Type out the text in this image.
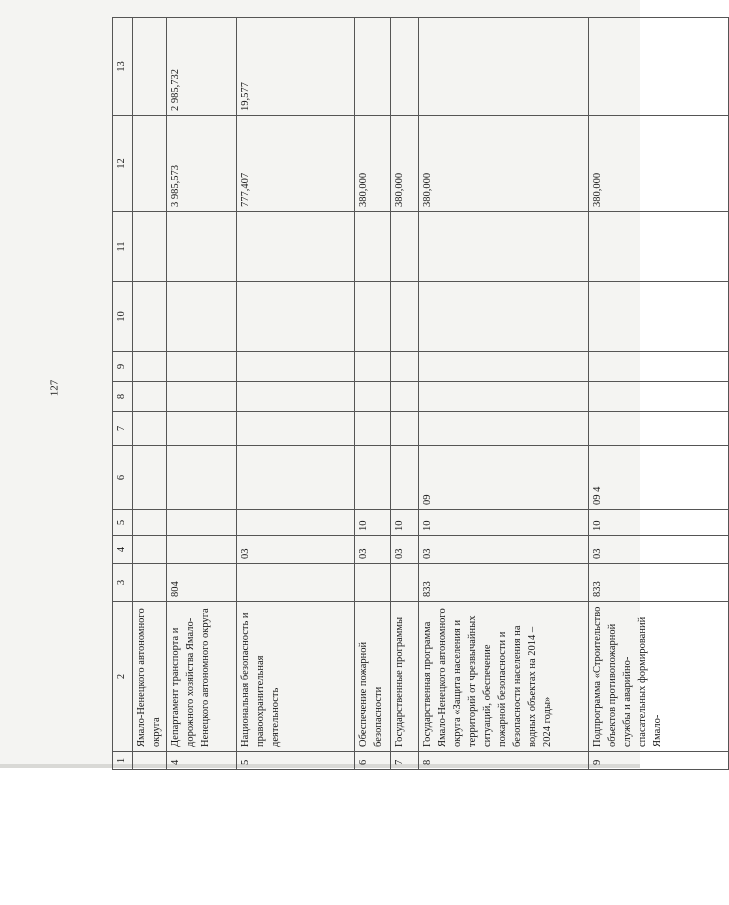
127
1	2	3	4	5	6	7	8	9	10	11	12	13
	Ямало-Ненецкого автономного округа											
4	Департамент транспорта и дорожного хозяйства Ямало-Ненецкого автономного округа	804									3 985,573	2 985,732
5	Национальная безопасность и правоохранительная деятельность		03								777,407	19,577
6	Обеспечение пожарной безопасности		03	10							380,000	
7	Государственные программы		03	10							380,000	
8	Государственная программа Ямало-Ненецкого автономного округа «Защита населения и территорий от чрезвычайных ситуаций, обеспечение пожарной безопасности и безопасности населения на водных объектах на 2014 – 2024 годы»	833	03	10	09						380,000	
9	Подпрограмма «Строительство объектов противопожарной службы и аварийно-спасательных формирований Ямало-	833	03	10	09 4						380,000	
